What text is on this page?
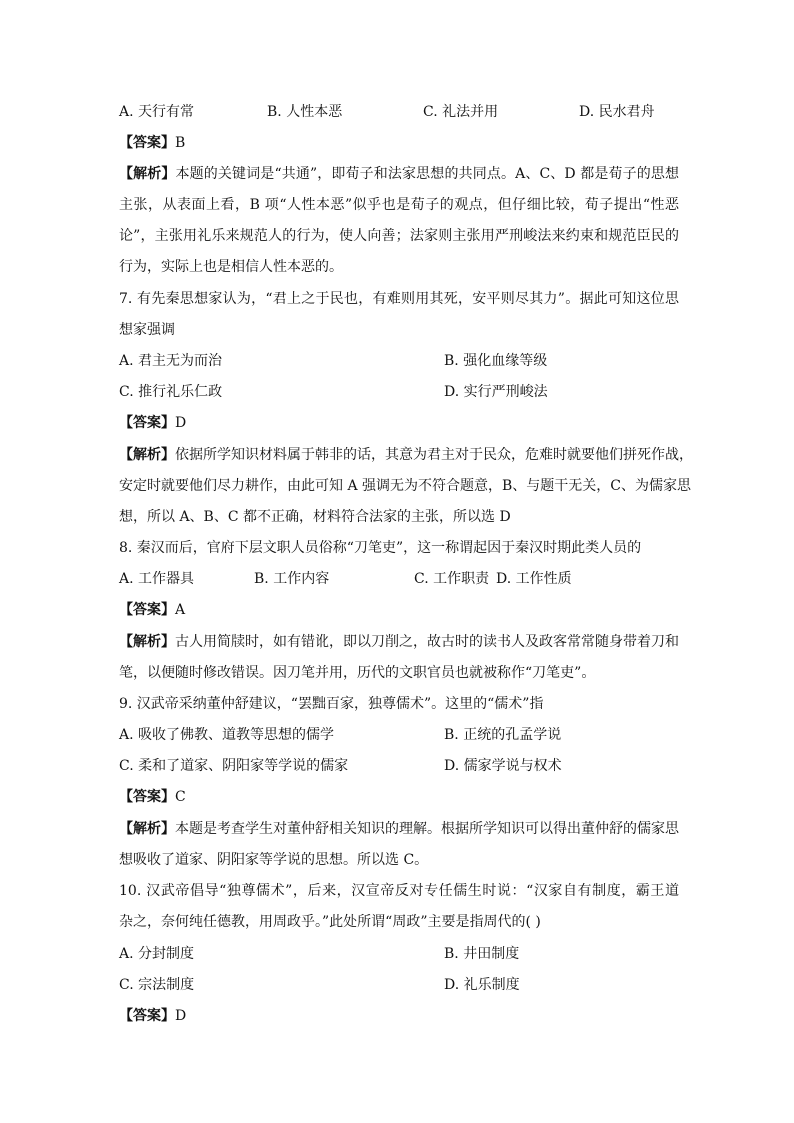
A. 天行有常	B. 人性本恶	C. 礼法并用	D. 民水君舟
【答案】B
【解析】本题的关键词是“共通”，即荀子和法家思想的共同点。A、C、D 都是荀子的思想
主张，从表面上看，B 项“人性本恶”似乎也是荀子的观点，但仔细比较，荀子提出“性恶
论”，主张用礼乐来规范人的行为，使人向善；法家则主张用严刑峻法来约束和规范臣民的
行为，实际上也是相信人性本恶的。
7. 有先秦思想家认为，“君上之于民也，有难则用其死，安平则尽其力”。据此可知这位思
想家强调
A. 君主无为而治	B. 强化血缘等级
C. 推行礼乐仁政	D. 实行严刑峻法
【答案】D
【解析】依据所学知识材料属于韩非的话，其意为君主对于民众，危难时就要他们拼死作战，
安定时就要他们尽力耕作，由此可知 A 强调无为不符合题意，B、与题干无关，C、为儒家思
想，所以 A、B、C 都不正确，材料符合法家的主张，所以选 D
8. 秦汉而后，官府下层文职人员俗称“刀笔吏”，这一称谓起因于秦汉时期此类人员的
A. 工作器具	B. 工作内容	C. 工作职责 D. 工作性质
【答案】A
【解析】古人用简牍时，如有错讹，即以刀削之，故古时的读书人及政客常常随身带着刀和
笔，以便随时修改错误。因刀笔并用，历代的文职官员也就被称作“刀笔吏”。
9. 汉武帝采纳董仲舒建议，“罢黜百家，独尊儒术”。这里的“儒术”指
A. 吸收了佛教、道教等思想的儒学	B. 正统的孔孟学说
C. 柔和了道家、阴阳家等学说的儒家	D. 儒家学说与权术
【答案】C
【解析】本题是考查学生对董仲舒相关知识的理解。根据所学知识可以得出董仲舒的儒家思
想吸收了道家、阴阳家等学说的思想。所以选 C。
10. 汉武帝倡导“独尊儒术”，后来，汉宣帝反对专任儒生时说：“汉家自有制度，霸王道
杂之，奈何纯任德教，用周政乎。”此处所谓“周政”主要是指周代的( )
A. 分封制度	B. 井田制度
C. 宗法制度	D. 礼乐制度
【答案】D
